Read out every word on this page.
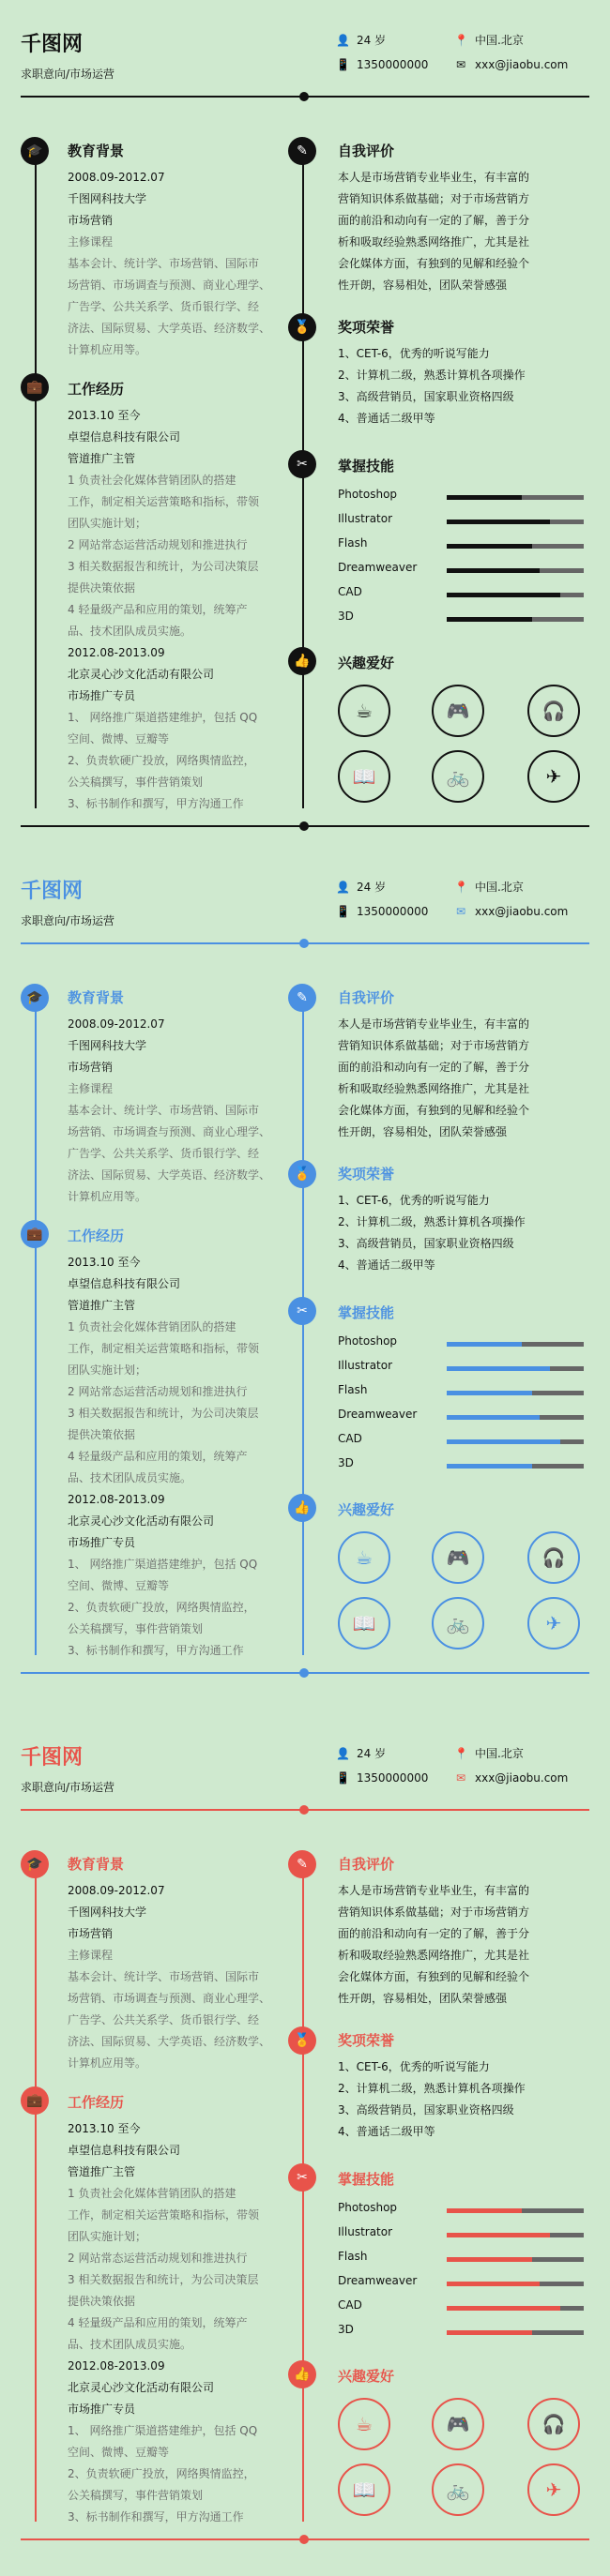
千图网
求职意向/市场运营
👤 24 岁	📍 中国.北京
📱 1350000000 ✉ xxx@jiaobu.com
🎓	教育背景
2008.09-2012.07
千图网科技大学
市场营销
主修课程
基本会计、统计学、市场营销、国际市
场营销、市场调查与预测、商业心理学、
广告学、公共关系学、货币银行学、经
济法、国际贸易、大学英语、经济数学、
计算机应用等。
💼	工作经历
2013.10 至今
卓望信息科技有限公司
管道推广主管
1 负责社会化媒体营销团队的搭建
工作，制定相关运营策略和指标，带领
团队实施计划；
2 网站常态运营活动规划和推进执行
3 相关数据报告和统计，为公司决策层
提供决策依据
4 轻量级产品和应用的策划，统筹产
品、技术团队成员实施。
2012.08-2013.09
北京灵心沙文化活动有限公司
市场推广专员
1、 网络推广渠道搭建维护，包括 QQ
空间、微博、豆瓣等
2、负责软硬广投放，网络舆情监控，
公关稿撰写，事件营销策划
3、标书制作和撰写，甲方沟通工作
✎	自我评价
本人是市场营销专业毕业生，有丰富的
营销知识体系做基础；对于市场营销方
面的前沿和动向有一定的了解，善于分
析和吸取经验熟悉网络推广，尤其是社
会化媒体方面，有独到的见解和经验个
性开朗，容易相处，团队荣誉感强
🏅	奖项荣誉
1、CET-6，优秀的听说写能力
2、计算机二级，熟悉计算机各项操作
3、高级营销员，国家职业资格四级
4、普通话二级甲等
✂	掌握技能
Photoshop
Illustrator
Flash
Dreamweaver
CAD
3D
👍	兴趣爱好
☕	🎮	🎧
📖	🚲	✈
千图网
求职意向/市场运营
👤 24 岁	📍 中国.北京
📱 1350000000 ✉ xxx@jiaobu.com
🎓	教育背景
2008.09-2012.07
千图网科技大学
市场营销
主修课程
基本会计、统计学、市场营销、国际市
场营销、市场调查与预测、商业心理学、
广告学、公共关系学、货币银行学、经
济法、国际贸易、大学英语、经济数学、
计算机应用等。
💼	工作经历
2013.10 至今
卓望信息科技有限公司
管道推广主管
1 负责社会化媒体营销团队的搭建
工作，制定相关运营策略和指标，带领
团队实施计划；
2 网站常态运营活动规划和推进执行
3 相关数据报告和统计，为公司决策层
提供决策依据
4 轻量级产品和应用的策划，统筹产
品、技术团队成员实施。
2012.08-2013.09
北京灵心沙文化活动有限公司
市场推广专员
1、 网络推广渠道搭建维护，包括 QQ
空间、微博、豆瓣等
2、负责软硬广投放，网络舆情监控，
公关稿撰写，事件营销策划
3、标书制作和撰写，甲方沟通工作
✎	自我评价
本人是市场营销专业毕业生，有丰富的
营销知识体系做基础；对于市场营销方
面的前沿和动向有一定的了解，善于分
析和吸取经验熟悉网络推广，尤其是社
会化媒体方面，有独到的见解和经验个
性开朗，容易相处，团队荣誉感强
🏅	奖项荣誉
1、CET-6，优秀的听说写能力
2、计算机二级，熟悉计算机各项操作
3、高级营销员，国家职业资格四级
4、普通话二级甲等
✂	掌握技能
Photoshop
Illustrator
Flash
Dreamweaver
CAD
3D
👍	兴趣爱好
☕	🎮	🎧
📖	🚲	✈
千图网
求职意向/市场运营
👤 24 岁	📍 中国.北京
📱 1350000000 ✉ xxx@jiaobu.com
🎓	教育背景
2008.09-2012.07
千图网科技大学
市场营销
主修课程
基本会计、统计学、市场营销、国际市
场营销、市场调查与预测、商业心理学、
广告学、公共关系学、货币银行学、经
济法、国际贸易、大学英语、经济数学、
计算机应用等。
💼	工作经历
2013.10 至今
卓望信息科技有限公司
管道推广主管
1 负责社会化媒体营销团队的搭建
工作，制定相关运营策略和指标，带领
团队实施计划；
2 网站常态运营活动规划和推进执行
3 相关数据报告和统计，为公司决策层
提供决策依据
4 轻量级产品和应用的策划，统筹产
品、技术团队成员实施。
2012.08-2013.09
北京灵心沙文化活动有限公司
市场推广专员
1、 网络推广渠道搭建维护，包括 QQ
空间、微博、豆瓣等
2、负责软硬广投放，网络舆情监控，
公关稿撰写，事件营销策划
3、标书制作和撰写，甲方沟通工作
✎	自我评价
本人是市场营销专业毕业生，有丰富的
营销知识体系做基础；对于市场营销方
面的前沿和动向有一定的了解，善于分
析和吸取经验熟悉网络推广，尤其是社
会化媒体方面，有独到的见解和经验个
性开朗，容易相处，团队荣誉感强
🏅	奖项荣誉
1、CET-6，优秀的听说写能力
2、计算机二级，熟悉计算机各项操作
3、高级营销员，国家职业资格四级
4、普通话二级甲等
✂	掌握技能
Photoshop
Illustrator
Flash
Dreamweaver
CAD
3D
👍	兴趣爱好
☕	🎮	🎧
📖	🚲	✈
